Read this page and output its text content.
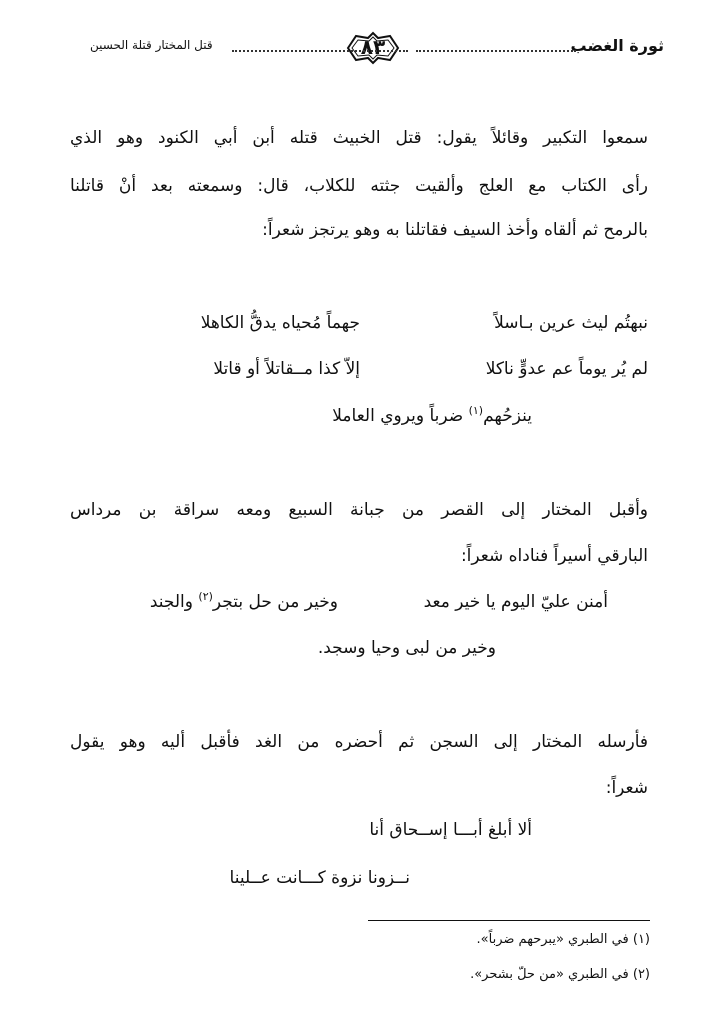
ثورة الغضب
٨٣
قتل المختار قتلة الحسين
سمعوا التكبير وقائلاً يقول: قتل الخبيث قتله أبن أبي الكنود وهو الذي
رأى الكتاب مع العلج وألقيت جثته للكلاب، قال: وسمعته بعد أنْ قاتلنا
بالرمح ثم ألقاه وأخذ السيف فقاتلنا به وهو يرتجز شعراً:
نبهتُم ليث عرين بـاسلاً
جهماً مُحياه يدقُّ الكاهلا
لم يُر يوماً عم عدوٍّ ناكلا
إلاّ كذا مــقاتلاً أو قاتلا
ينزحُهم$^{(١)}$ ضرباً ويروي العاملا
وأقبل المختار إلى القصر من جبانة السبيع ومعه سراقة بن مرداس
البارقي أسيراً فناداه شعراً:
أمنن عليّ اليوم يا خير معد
وخير من حل بتجر$^{(٢)}$ والجند
وخير من لبى وحيا وسجد.
فأرسله المختار إلى السجن ثم أحضره من الغد فأقبل أليه وهو يقول
شعراً:
ألا أبلغ أبـــا إســحاق أنا
نــزونا نزوة كـــانت عــلينا
(١) في الطبري «يبرحهم ضرباً».
(٢) في الطبري «من حلّ بشحر».
